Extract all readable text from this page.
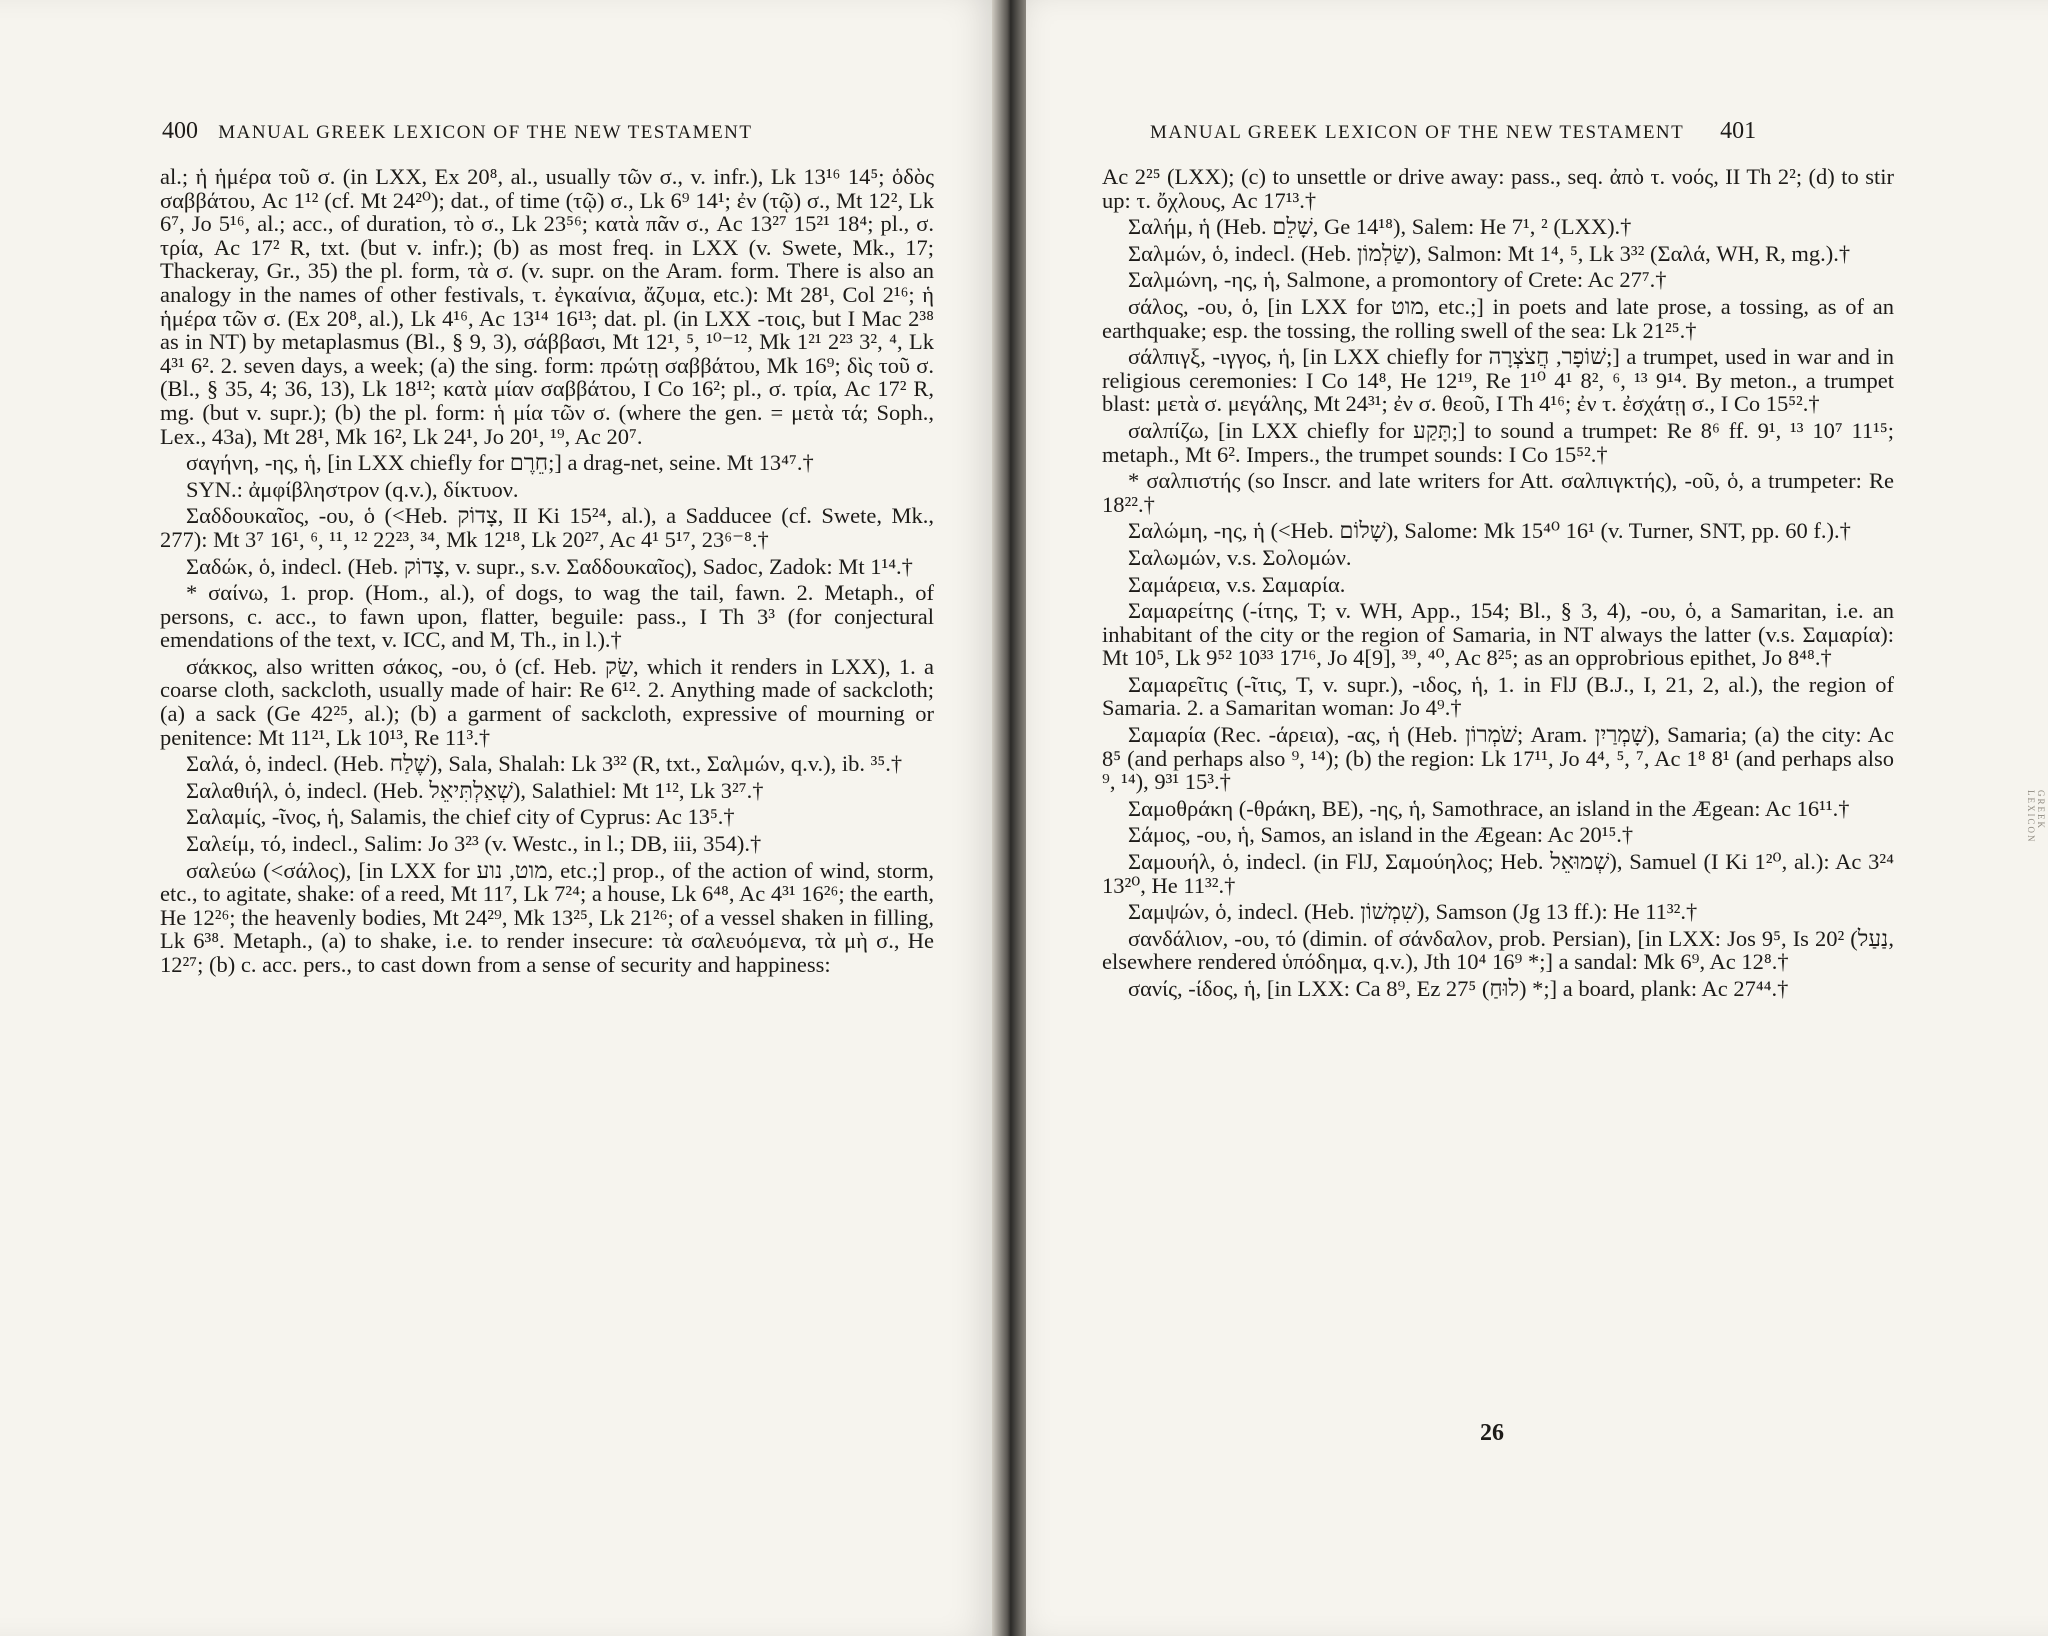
400 MANUAL GREEK LEXICON OF THE NEW TESTAMENT

al.; ἡ ἡμέρα τοῦ σ. (in LXX, Ex 20⁸, al., usually τῶν σ., v. infr.), Lk 13¹⁶ 14⁵; ὁδὸς σαββάτου, Ac 1¹² (cf. Mt 24²⁰); dat., of time (τῷ) σ., Lk 6⁹ 14¹; ἐν (τῷ) σ., Mt 12², Lk 6⁷, Jo 5¹⁶, al.; acc., of duration, τὸ σ., Lk 23⁵⁶; κατὰ πᾶν σ., Ac 13²⁷ 15²¹ 18⁴; pl., σ. τρία, Ac 17² R, txt. (but v. infr.); (b) as most freq. in LXX (v. Swete, Mk., 17; Thackeray, Gr., 35) the pl. form, τὰ σ. (v. supr. on the Aram. form. There is also an analogy in the names of other festivals, τ. ἐγκαίνια, ἄζυμα, etc.): Mt 28¹, Col 2¹⁶; ἡ ἡμέρα τῶν σ. (Ex 20⁸, al.), Lk 4¹⁶, Ac 13¹⁴ 16¹³; dat. pl. (in LXX -τοις, but I Mac 2³⁸ as in NT) by metaplasmus (Bl., § 9, 3), σάββασι, Mt 12¹, ⁵, ¹⁰⁻¹², Mk 1²¹ 2²³ 3², ⁴, Lk 4³¹ 6². 2. seven days, a week; (a) the sing. form: πρώτῃ σαββάτου, Mk 16⁹; δὶς τοῦ σ. (Bl., § 35, 4; 36, 13), Lk 18¹²; κατὰ μίαν σαββάτου, I Co 16²; pl., σ. τρία, Ac 17² R, mg. (but v. supr.); (b) the pl. form: ἡ μία τῶν σ. (where the gen. = μετὰ τά; Soph., Lex., 43a), Mt 28¹, Mk 16², Lk 24¹, Jo 20¹, ¹⁹, Ac 20⁷.

σαγήνη, -ης, ἡ, [in LXX chiefly for חֵרֶם;] a drag-net, seine. Mt 13⁴⁷.†

SYN.: ἀμφίβληστρον (q.v.), δίκτυον.

Σαδδουκαῖος, -ου, ὁ (<Heb. צָדוֹק, II Ki 15²⁴, al.), a Sadducee (cf. Swete, Mk., 277): Mt 3⁷ 16¹, ⁶, ¹¹, ¹² 22²³, ³⁴, Mk 12¹⁸, Lk 20²⁷, Ac 4¹ 5¹⁷, 23⁶⁻⁸.†

Σαδώκ, ὁ, indecl. (Heb. צָדוֹק, v. supr., s.v. Σαδδουκαῖος), Sadoc, Zadok: Mt 1¹⁴.†

* σαίνω, 1. prop. (Hom., al.), of dogs, to wag the tail, fawn. 2. Metaph., of persons, c. acc., to fawn upon, flatter, beguile: pass., I Th 3³ (for conjectural emendations of the text, v. ICC, and M, Th., in l.).†

σάκκος, also written σάκος, -ου, ὁ (cf. Heb. שַׂק, which it renders in LXX), 1. a coarse cloth, sackcloth, usually made of hair: Re 6¹². 2. Anything made of sackcloth; (a) a sack (Ge 42²⁵, al.); (b) a garment of sackcloth, expressive of mourning or penitence: Mt 11²¹, Lk 10¹³, Re 11³.†

Σαλά, ὁ, indecl. (Heb. שֶׁלַח), Sala, Shalah: Lk 3³² (R, txt., Σαλμών, q.v.), ib. ³⁵.†

Σαλαθιήλ, ὁ, indecl. (Heb. שְׁאַלְתִּיאֵל), Salathiel: Mt 1¹², Lk 3²⁷.†

Σαλαμίς, -ῖνος, ἡ, Salamis, the chief city of Cyprus: Ac 13⁵.†

Σαλείμ, τό, indecl., Salim: Jo 3²³ (v. Westc., in l.; DB, iii, 354).†

σαλεύω (<σάλος), [in LXX for מוט, נוע, etc.;] prop., of the action of wind, storm, etc., to agitate, shake: of a reed, Mt 11⁷, Lk 7²⁴; a house, Lk 6⁴⁸, Ac 4³¹ 16²⁶; the earth, He 12²⁶; the heavenly bodies, Mt 24²⁹, Mk 13²⁵, Lk 21²⁶; of a vessel shaken in filling, Lk 6³⁸. Metaph., (a) to shake, i.e. to render insecure: τὰ σαλευόμενα, τὰ μὴ σ., He 12²⁷; (b) c. acc. pers., to cast down from a sense of security and happiness:

GREEK LEXICON
MANUAL GREEK LEXICON OF THE NEW TESTAMENT 401

Ac 2²⁵ (LXX); (c) to unsettle or drive away: pass., seq. ἀπὸ τ. νοός, II Th 2²; (d) to stir up: τ. ὄχλους, Ac 17¹³.†

Σαλήμ, ἡ (Heb. שָׁלֵם, Ge 14¹⁸), Salem: He 7¹, ² (LXX).†

Σαλμών, ὁ, indecl. (Heb. שַׂלְמוֹן), Salmon: Mt 1⁴, ⁵, Lk 3³² (Σαλά, WH, R, mg.).†

Σαλμώνη, -ης, ἡ, Salmone, a promontory of Crete: Ac 27⁷.†

σάλος, -ου, ὁ, [in LXX for מוט, etc.;] in poets and late prose, a tossing, as of an earthquake; esp. the tossing, the rolling swell of the sea: Lk 21²⁵.†

σάλπιγξ, -ιγγος, ἡ, [in LXX chiefly for שׁוֹפָר, חֲצֹצְרָה;] a trumpet, used in war and in religious ceremonies: I Co 14⁸, He 12¹⁹, Re 1¹⁰ 4¹ 8², ⁶, ¹³ 9¹⁴. By meton., a trumpet blast: μετὰ σ. μεγάλης, Mt 24³¹; ἐν σ. θεοῦ, I Th 4¹⁶; ἐν τ. ἐσχάτῃ σ., I Co 15⁵².†

σαλπίζω, [in LXX chiefly for תָּקַע;] to sound a trumpet: Re 8⁶ ff. 9¹, ¹³ 10⁷ 11¹⁵; metaph., Mt 6². Impers., the trumpet sounds: I Co 15⁵².†

* σαλπιστής (so Inscr. and late writers for Att. σαλπιγκτής), -οῦ, ὁ, a trumpeter: Re 18²².†

Σαλώμη, -ης, ἡ (<Heb. שָׁלוֹם), Salome: Mk 15⁴⁰ 16¹ (v. Turner, SNT, pp. 60 f.).†

Σαλωμών, v.s. Σολομών.

Σαμάρεια, v.s. Σαμαρία.

Σαμαρείτης (-ίτης, T; v. WH, App., 154; Bl., § 3, 4), -ου, ὁ, a Samaritan, i.e. an inhabitant of the city or the region of Samaria, in NT always the latter (v.s. Σαμαρία): Mt 10⁵, Lk 9⁵² 10³³ 17¹⁶, Jo 4[9], ³⁹, ⁴⁰, Ac 8²⁵; as an opprobrious epithet, Jo 8⁴⁸.†

Σαμαρεῖτις (-ῖτις, T, v. supr.), -ιδος, ἡ, 1. in FlJ (B.J., I, 21, 2, al.), the region of Samaria. 2. a Samaritan woman: Jo 4⁹.†

Σαμαρία (Rec. -άρεια), -ας, ἡ (Heb. שֹׁמְרוֹן; Aram. שָׁמְרַיִן), Samaria; (a) the city: Ac 8⁵ (and perhaps also ⁹, ¹⁴); (b) the region: Lk 17¹¹, Jo 4⁴, ⁵, ⁷, Ac 1⁸ 8¹ (and perhaps also ⁹, ¹⁴), 9³¹ 15³.†

Σαμοθράκη (-θράκη, BE), -ης, ἡ, Samothrace, an island in the Ægean: Ac 16¹¹.†

Σάμος, -ου, ἡ, Samos, an island in the Ægean: Ac 20¹⁵.†

Σαμουήλ, ὁ, indecl. (in FlJ, Σαμούηλος; Heb. שְׁמוּאֵל), Samuel (I Ki 1²⁰, al.): Ac 3²⁴ 13²⁰, He 11³².†

Σαμψών, ὁ, indecl. (Heb. שִׁמְשׁוֹן), Samson (Jg 13 ff.): He 11³².†

σανδάλιον, -ου, τό (dimin. of σάνδαλον, prob. Persian), [in LXX: Jos 9⁵, Is 20² (נַעַל, elsewhere rendered ὑπόδημα, q.v.), Jth 10⁴ 16⁹ *;] a sandal: Mk 6⁹, Ac 12⁸.†

σανίς, -ίδος, ἡ, [in LXX: Ca 8⁹, Ez 27⁵ (לוּחַ) *;] a board, plank: Ac 27⁴⁴.†

26
